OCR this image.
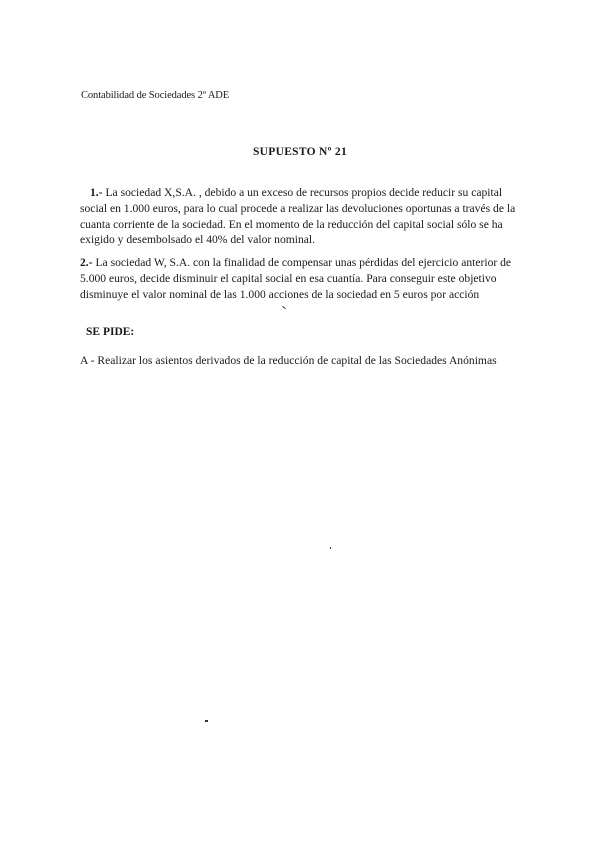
Contabilidad de Sociedades 2º ADE
SUPUESTO Nº 21
1.- La sociedad X,S.A. , debido a un exceso de recursos propios decide reducir su capital social en 1.000 euros, para lo cual procede a realizar las devoluciones oportunas a través de la cuanta corriente de la sociedad. En el momento de la reducción del capital social sólo se ha exigido y desembolsado el 40% del valor nominal.
2.- La sociedad W, S.A. con la finalidad de compensar unas pérdidas del ejercicio anterior de 5.000 euros, decide disminuir el capital social en esa cuantía. Para conseguir este objetivo disminuye el valor nominal de las 1.000 acciones de la sociedad en 5 euros por acción
SE PIDE:
A - Realizar los asientos derivados de la reducción de capital de las Sociedades Anónimas
